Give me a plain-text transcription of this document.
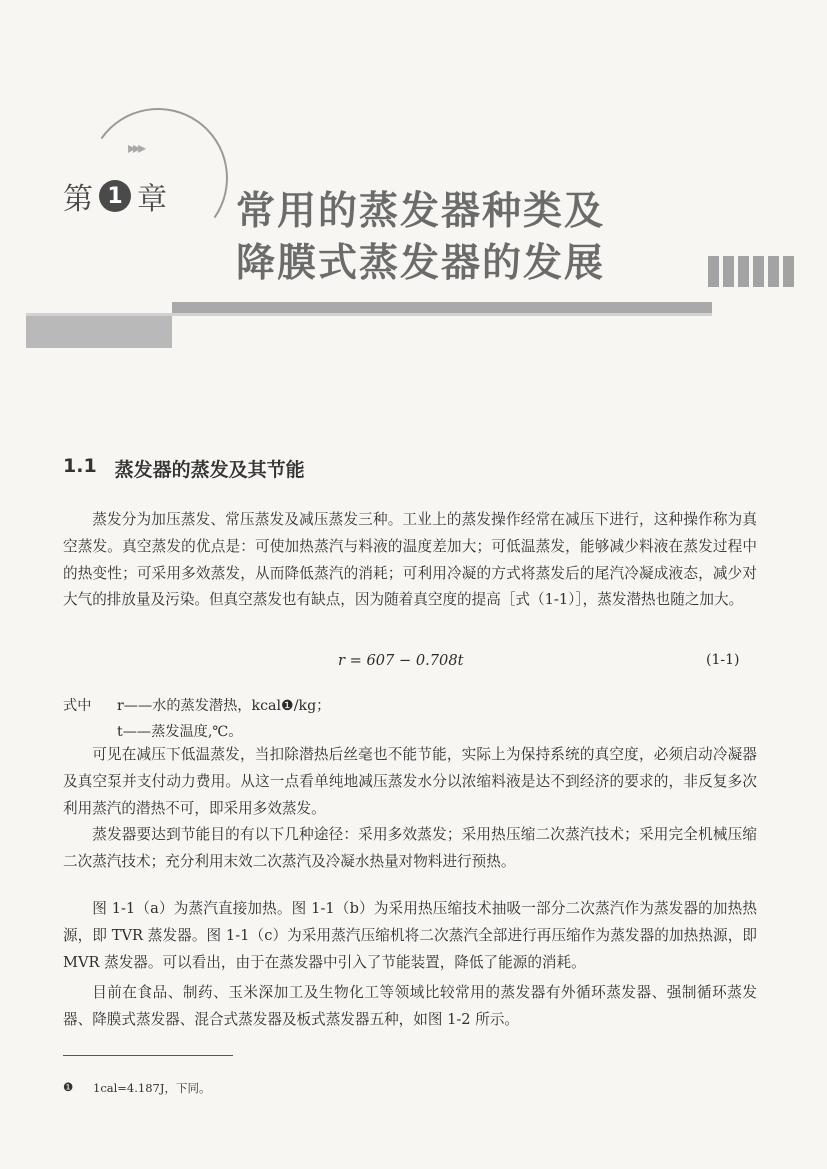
▸▸▸
第 1 章 常用的蒸发器种类及
降膜式蒸发器的发展
1.1 蒸发器的蒸发及其节能
蒸发分为加压蒸发、常压蒸发及减压蒸发三种。工业上的蒸发操作经常在减压下进行，这种操作称为真空蒸发。真空蒸发的优点是：可使加热蒸汽与料液的温度差加大；可低温蒸发，能够减少料液在蒸发过程中的热变性；可采用多效蒸发，从而降低蒸汽的消耗；可利用冷凝的方式将蒸发后的尾汽冷凝成液态，减少对大气的排放量及污染。但真空蒸发也有缺点，因为随着真空度的提高［式（1-1）］，蒸发潜热也随之加大。
r = 607 − 0.708t	(1-1)
式中 r——水的蒸发潜热，kcal❶/kg；
t——蒸发温度,℃。
可见在减压下低温蒸发，当扣除潜热后丝毫也不能节能，实际上为保持系统的真空度，必须启动冷凝器及真空泵并支付动力费用。从这一点看单纯地减压蒸发水分以浓缩料液是达不到经济的要求的，非反复多次利用蒸汽的潜热不可，即采用多效蒸发。
蒸发器要达到节能目的有以下几种途径：采用多效蒸发；采用热压缩二次蒸汽技术；采用完全机械压缩二次蒸汽技术；充分利用末效二次蒸汽及冷凝水热量对物料进行预热。
图 1-1（a）为蒸汽直接加热。图 1-1（b）为采用热压缩技术抽吸一部分二次蒸汽作为蒸发器的加热热源，即 TVR 蒸发器。图 1-1（c）为采用蒸汽压缩机将二次蒸汽全部进行再压缩作为蒸发器的加热热源，即 MVR 蒸发器。可以看出，由于在蒸发器中引入了节能装置，降低了能源的消耗。
目前在食品、制药、玉米深加工及生物化工等领域比较常用的蒸发器有外循环蒸发器、强制循环蒸发器、降膜式蒸发器、混合式蒸发器及板式蒸发器五种，如图 1-2 所示。
❶ 1cal=4.187J，下同。
